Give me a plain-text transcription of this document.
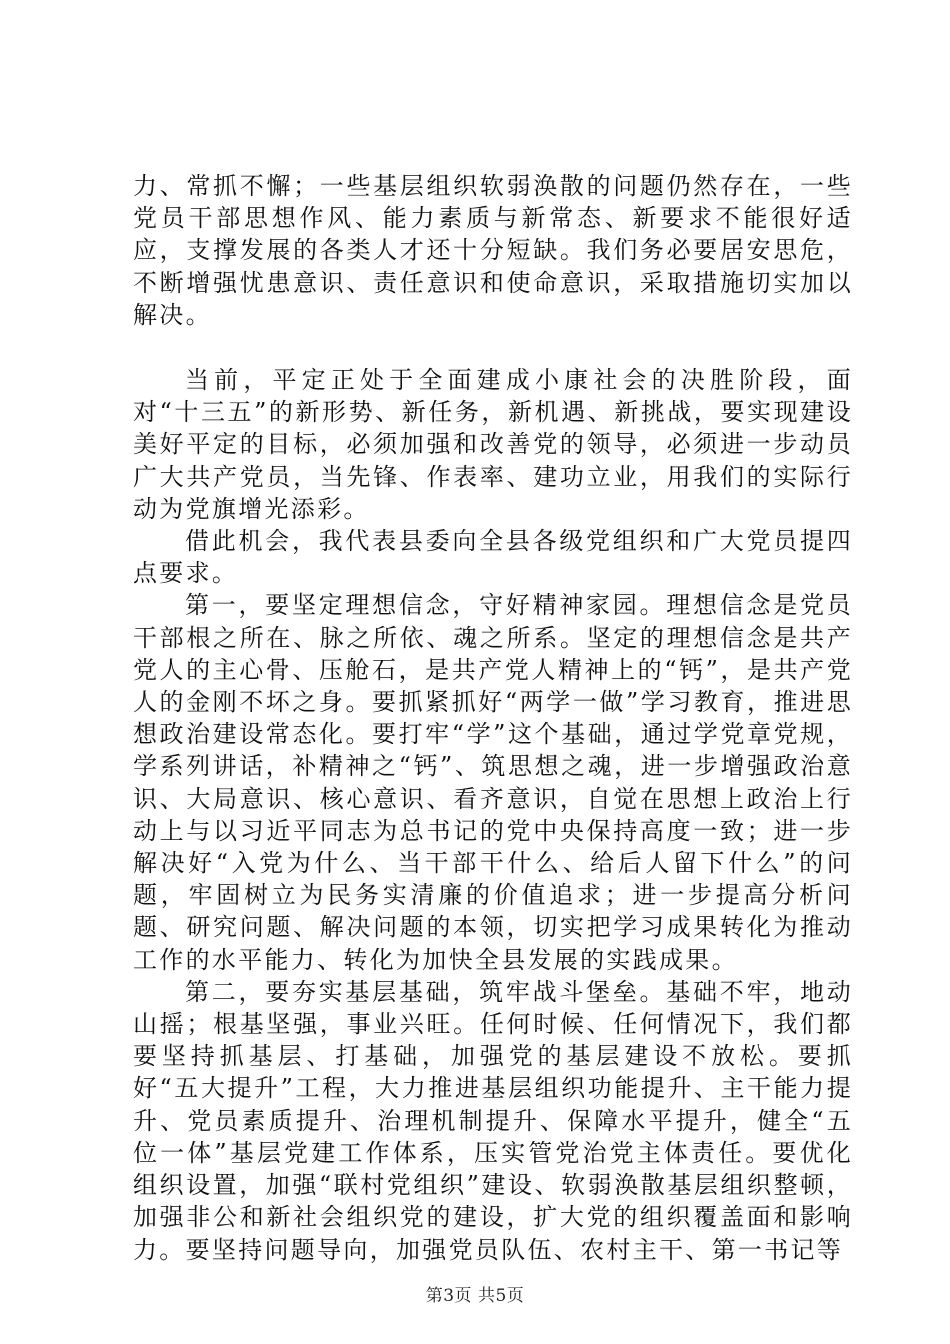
力、常抓不懈；一些基层组织软弱涣散的问题仍然存在，一些党员干部思想作风、能力素质与新常态、新要求不能很好适应，支撑发展的各类人才还十分短缺。我们务必要居安思危，不断增强忧患意识、责任意识和使命意识，采取措施切实加以解决。

当前，平定正处于全面建成小康社会的决胜阶段，面对“十三五”的新形势、新任务，新机遇、新挑战，要实现建设美好平定的目标，必须加强和改善党的领导，必须进一步动员广大共产党员，当先锋、作表率、建功立业，用我们的实际行动为党旗增光添彩。

借此机会，我代表县委向全县各级党组织和广大党员提四点要求。

第一，要坚定理想信念，守好精神家园。理想信念是党员干部根之所在、脉之所依、魂之所系。坚定的理想信念是共产党人的主心骨、压舱石，是共产党人精神上的“钙”，是共产党人的金刚不坏之身。要抓紧抓好“两学一做”学习教育，推进思想政治建设常态化。要打牢“学”这个基础，通过学党章党规，学系列讲话，补精神之“钙”、筑思想之魂，进一步增强政治意识、大局意识、核心意识、看齐意识，自觉在思想上政治上行动上与以习近平同志为总书记的党中央保持高度一致；进一步解决好“入党为什么、当干部干什么、给后人留下什么”的问题，牢固树立为民务实清廉的价值追求；进一步提高分析问题、研究问题、解决问题的本领，切实把学习成果转化为推动工作的水平能力、转化为加快全县发展的实践成果。

第二，要夯实基层基础，筑牢战斗堡垒。基础不牢，地动山摇；根基坚强，事业兴旺。任何时候、任何情况下，我们都要坚持抓基层、打基础，加强党的基层建设不放松。要抓好“五大提升”工程，大力推进基层组织功能提升、主干能力提升、党员素质提升、治理机制提升、保障水平提升，健全“五位一体”基层党建工作体系，压实管党治党主体责任。要优化组织设置，加强“联村党组织”建设、软弱涣散基层组织整顿，加强非公和新社会组织党的建设，扩大党的组织覆盖面和影响力。要坚持问题导向，加强党员队伍、农村主干、第一书记等

第3页 共5页
